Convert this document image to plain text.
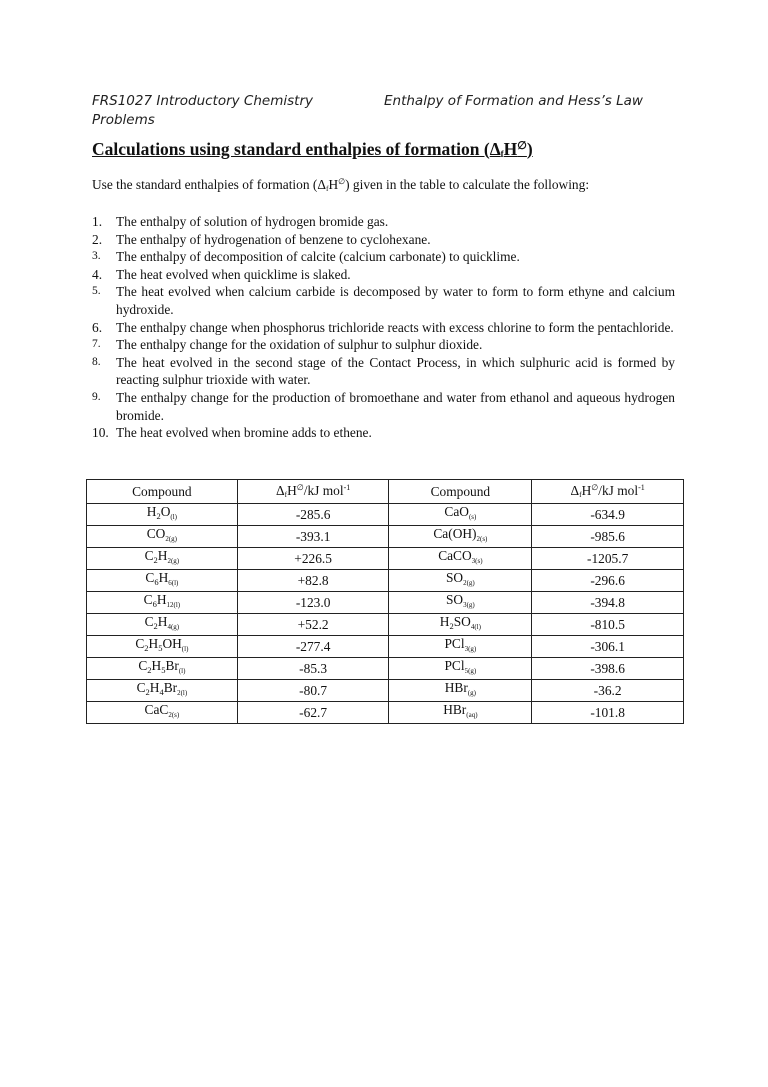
FRS1027 Introductory Chemistry	Enthalpy of Formation and Hess’s Law
Problems
Calculations using standard enthalpies of formation $(\Delta_fH^\emptyset)$
Use the standard enthalpies of formation $(\Delta_fH^\emptyset)$ given in the table to calculate the following:
1. The enthalpy of solution of hydrogen bromide gas.
2. The enthalpy of hydrogenation of benzene to cyclohexane.
3. The enthalpy of decomposition of calcite (calcium carbonate) to quicklime.
4. The heat evolved when quicklime is slaked.
5. The heat evolved when calcium carbide is decomposed by water to form to form ethyne and calcium hydroxide.
6. The enthalpy change when phosphorus trichloride reacts with excess chlorine to form the pentachloride.
7. The enthalpy change for the oxidation of sulphur to sulphur dioxide.
8. The heat evolved in the second stage of the Contact Process, in which sulphuric acid is formed by reacting sulphur trioxide with water.
9. The enthalpy change for the production of bromoethane and water from ethanol and aqueous hydrogen bromide.
10. The heat evolved when bromine adds to ethene.
Compound	$\Delta_fH^\emptyset/kJ$ mol$^{-1}$	Compound	$\Delta_fH^\emptyset/kJ$ mol$^{-1}$
$H_2O_{(l)}$	-285.6	CaO$_{(s)}$	-634.9
$CO_{2(g)}$	-393.1	$Ca(OH)_{2(s)}$	-985.6
$C_2H_{2(g)}$	+226.5	CaCO$_{3(s)}$	-1205.7
$C_6H_{6(l)}$	+82.8	$SO_{2(g)}$	-296.6
$C_6H_{12(l)}$	-123.0	$SO_{3(g)}$	-394.8
$C_2H_{4(g)}$	+52.2	$H_2SO_{4(l)}$	-810.5
$C_2H_5OH_{(l)}$	-277.4	PCl$_{3(g)}$	-306.1
$C_2H_5Br_{(l)}$	-85.3	PCl$_{5(g)}$	-398.6
$C_2H_4Br_{2(l)}$	-80.7	HBr$_{(g)}$	-36.2
CaC$_{2(s)}$	-62.7	HBr$_{(aq)}$	-101.8
